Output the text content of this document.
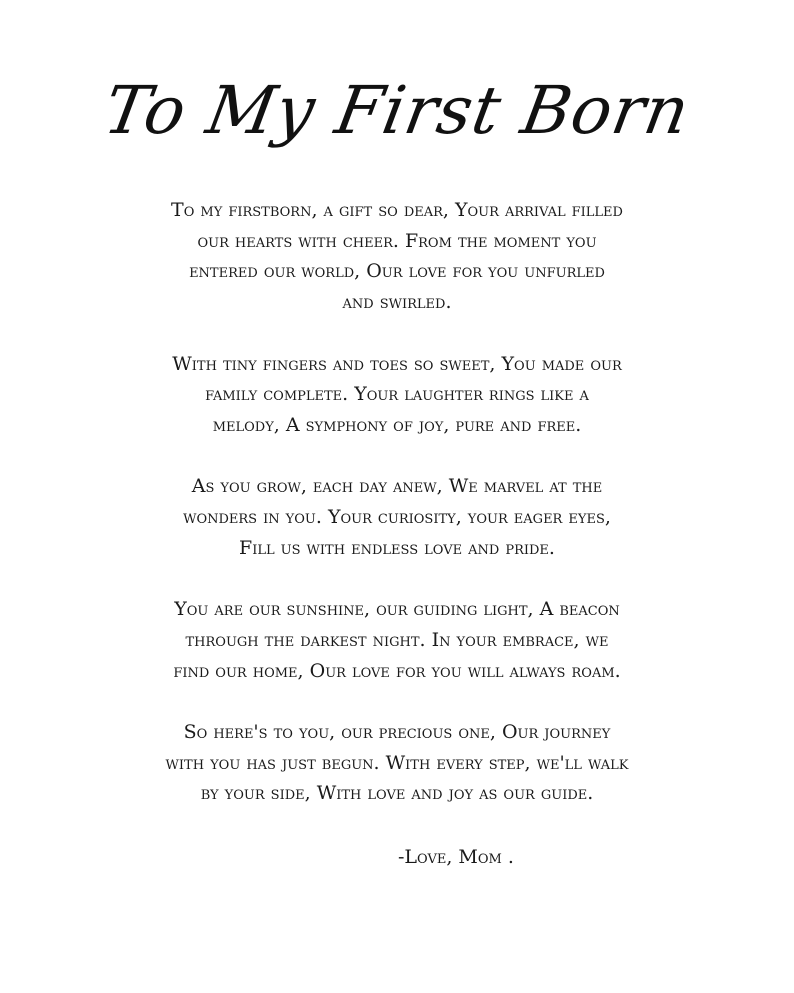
To My First Born
To my firstborn, a gift so dear, Your arrival filled
our hearts with cheer. From the moment you
entered our world, Our love for you unfurled
and swirled.
With tiny fingers and toes so sweet, You made our
family complete. Your laughter rings like a
melody, A symphony of joy, pure and free.
As you grow, each day anew, We marvel at the
wonders in you. Your curiosity, your eager eyes,
Fill us with endless love and pride.
You are our sunshine, our guiding light, A beacon
through the darkest night. In your embrace, we
find our home, Our love for you will always roam.
So here's to you, our precious one, Our journey
with you has just begun. With every step, we'll walk
by your side, With love and joy as our guide.
-Love, Mom .
